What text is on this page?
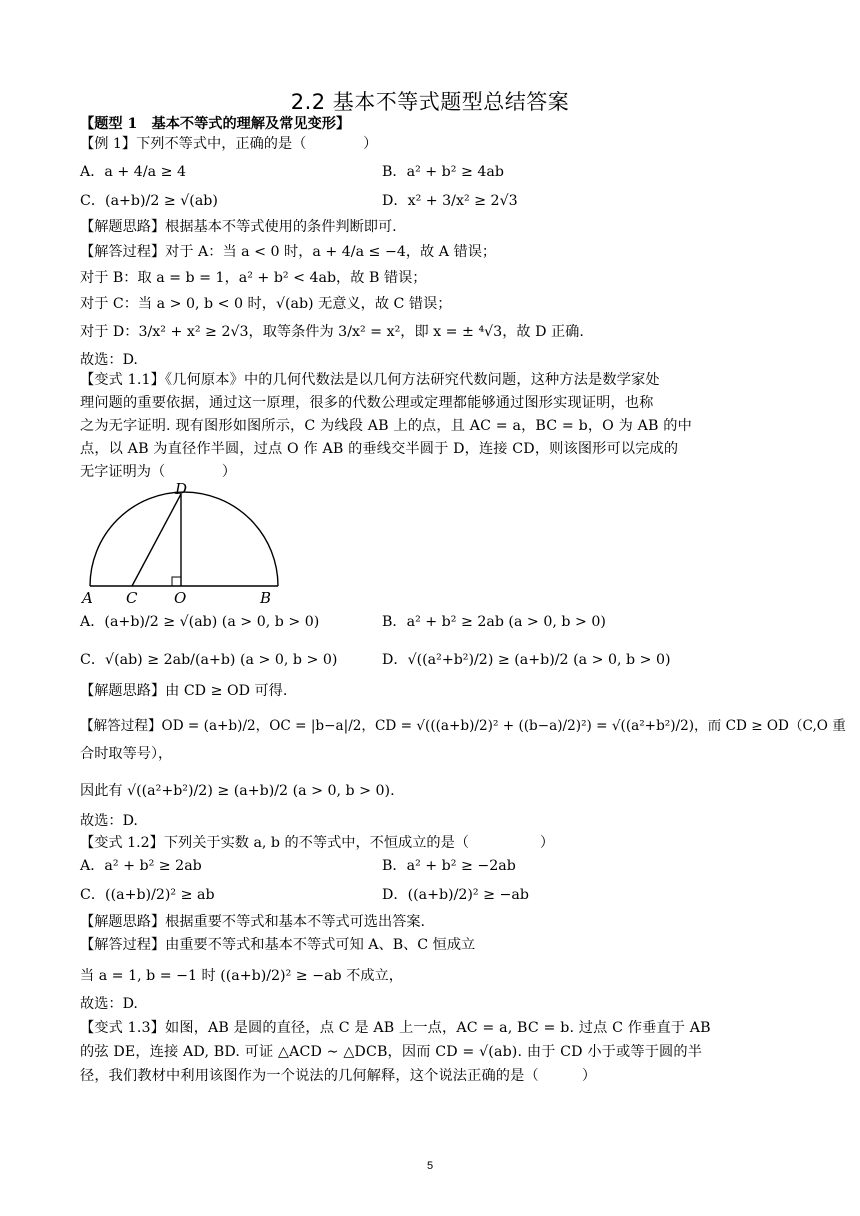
2.2 基本不等式题型总结答案
【题型 1　基本不等式的理解及常见变形】
【例 1】下列不等式中，正确的是（　　　　）
A．a + 4/a ≥ 4	B．a² + b² ≥ 4ab
C．(a+b)/2 ≥ √(ab)	D．x² + 3/x² ≥ 2√3
【解题思路】根据基本不等式使用的条件判断即可.
【解答过程】对于 A：当 a < 0 时，a + 4/a ≤ −4，故 A 错误；
对于 B：取 a = b = 1，a² + b² < 4ab，故 B 错误；
对于 C：当 a > 0, b < 0 时，√(ab) 无意义，故 C 错误；
对于 D：3/x² + x² ≥ 2√3，取等条件为 3/x² = x²，即 x = ± ⁴√3，故 D 正确.
故选：D.
【变式 1.1】《几何原本》中的几何代数法是以几何方法研究代数问题，这种方法是数学家处
理问题的重要依据，通过这一原理，很多的代数公理或定理都能够通过图形实现证明，也称
之为无字证明. 现有图形如图所示，C 为线段 AB 上的点，且 AC = a，BC = b，O 为 AB 的中
点，以 AB 为直径作半圆，过点 O 作 AB 的垂线交半圆于 D，连接 CD，则该图形可以完成的
无字证明为（　　　　）
D
A C O	B
A．(a+b)/2 ≥ √(ab) (a > 0, b > 0)	B．a² + b² ≥ 2ab (a > 0, b > 0)
C．√(ab) ≥ 2ab/(a+b) (a > 0, b > 0)	D．√((a²+b²)/2) ≥ (a+b)/2 (a > 0, b > 0)
【解题思路】由 CD ≥ OD 可得.
【解答过程】OD = (a+b)/2，OC = |b−a|/2，CD = √(((a+b)/2)² + ((b−a)/2)²) = √((a²+b²)/2)，而 CD ≥ OD（C,O 重
合时取等号），
因此有 √((a²+b²)/2) ≥ (a+b)/2 (a > 0, b > 0).
故选：D.
【变式 1.2】下列关于实数 a, b 的不等式中，不恒成立的是（　　　　　）
A．a² + b² ≥ 2ab	B．a² + b² ≥ −2ab
C．((a+b)/2)² ≥ ab	D．((a+b)/2)² ≥ −ab
【解题思路】根据重要不等式和基本不等式可选出答案.
【解答过程】由重要不等式和基本不等式可知 A、B、C 恒成立
当 a = 1, b = −1 时 ((a+b)/2)² ≥ −ab 不成立，
故选：D.
【变式 1.3】如图，AB 是圆的直径，点 C 是 AB 上一点，AC = a, BC = b. 过点 C 作垂直于 AB
的弦 DE，连接 AD, BD. 可证 △ACD ∼ △DCB，因而 CD = √(ab). 由于 CD 小于或等于圆的半
径，我们教材中利用该图作为一个说法的几何解释，这个说法正确的是（　　　）
5
